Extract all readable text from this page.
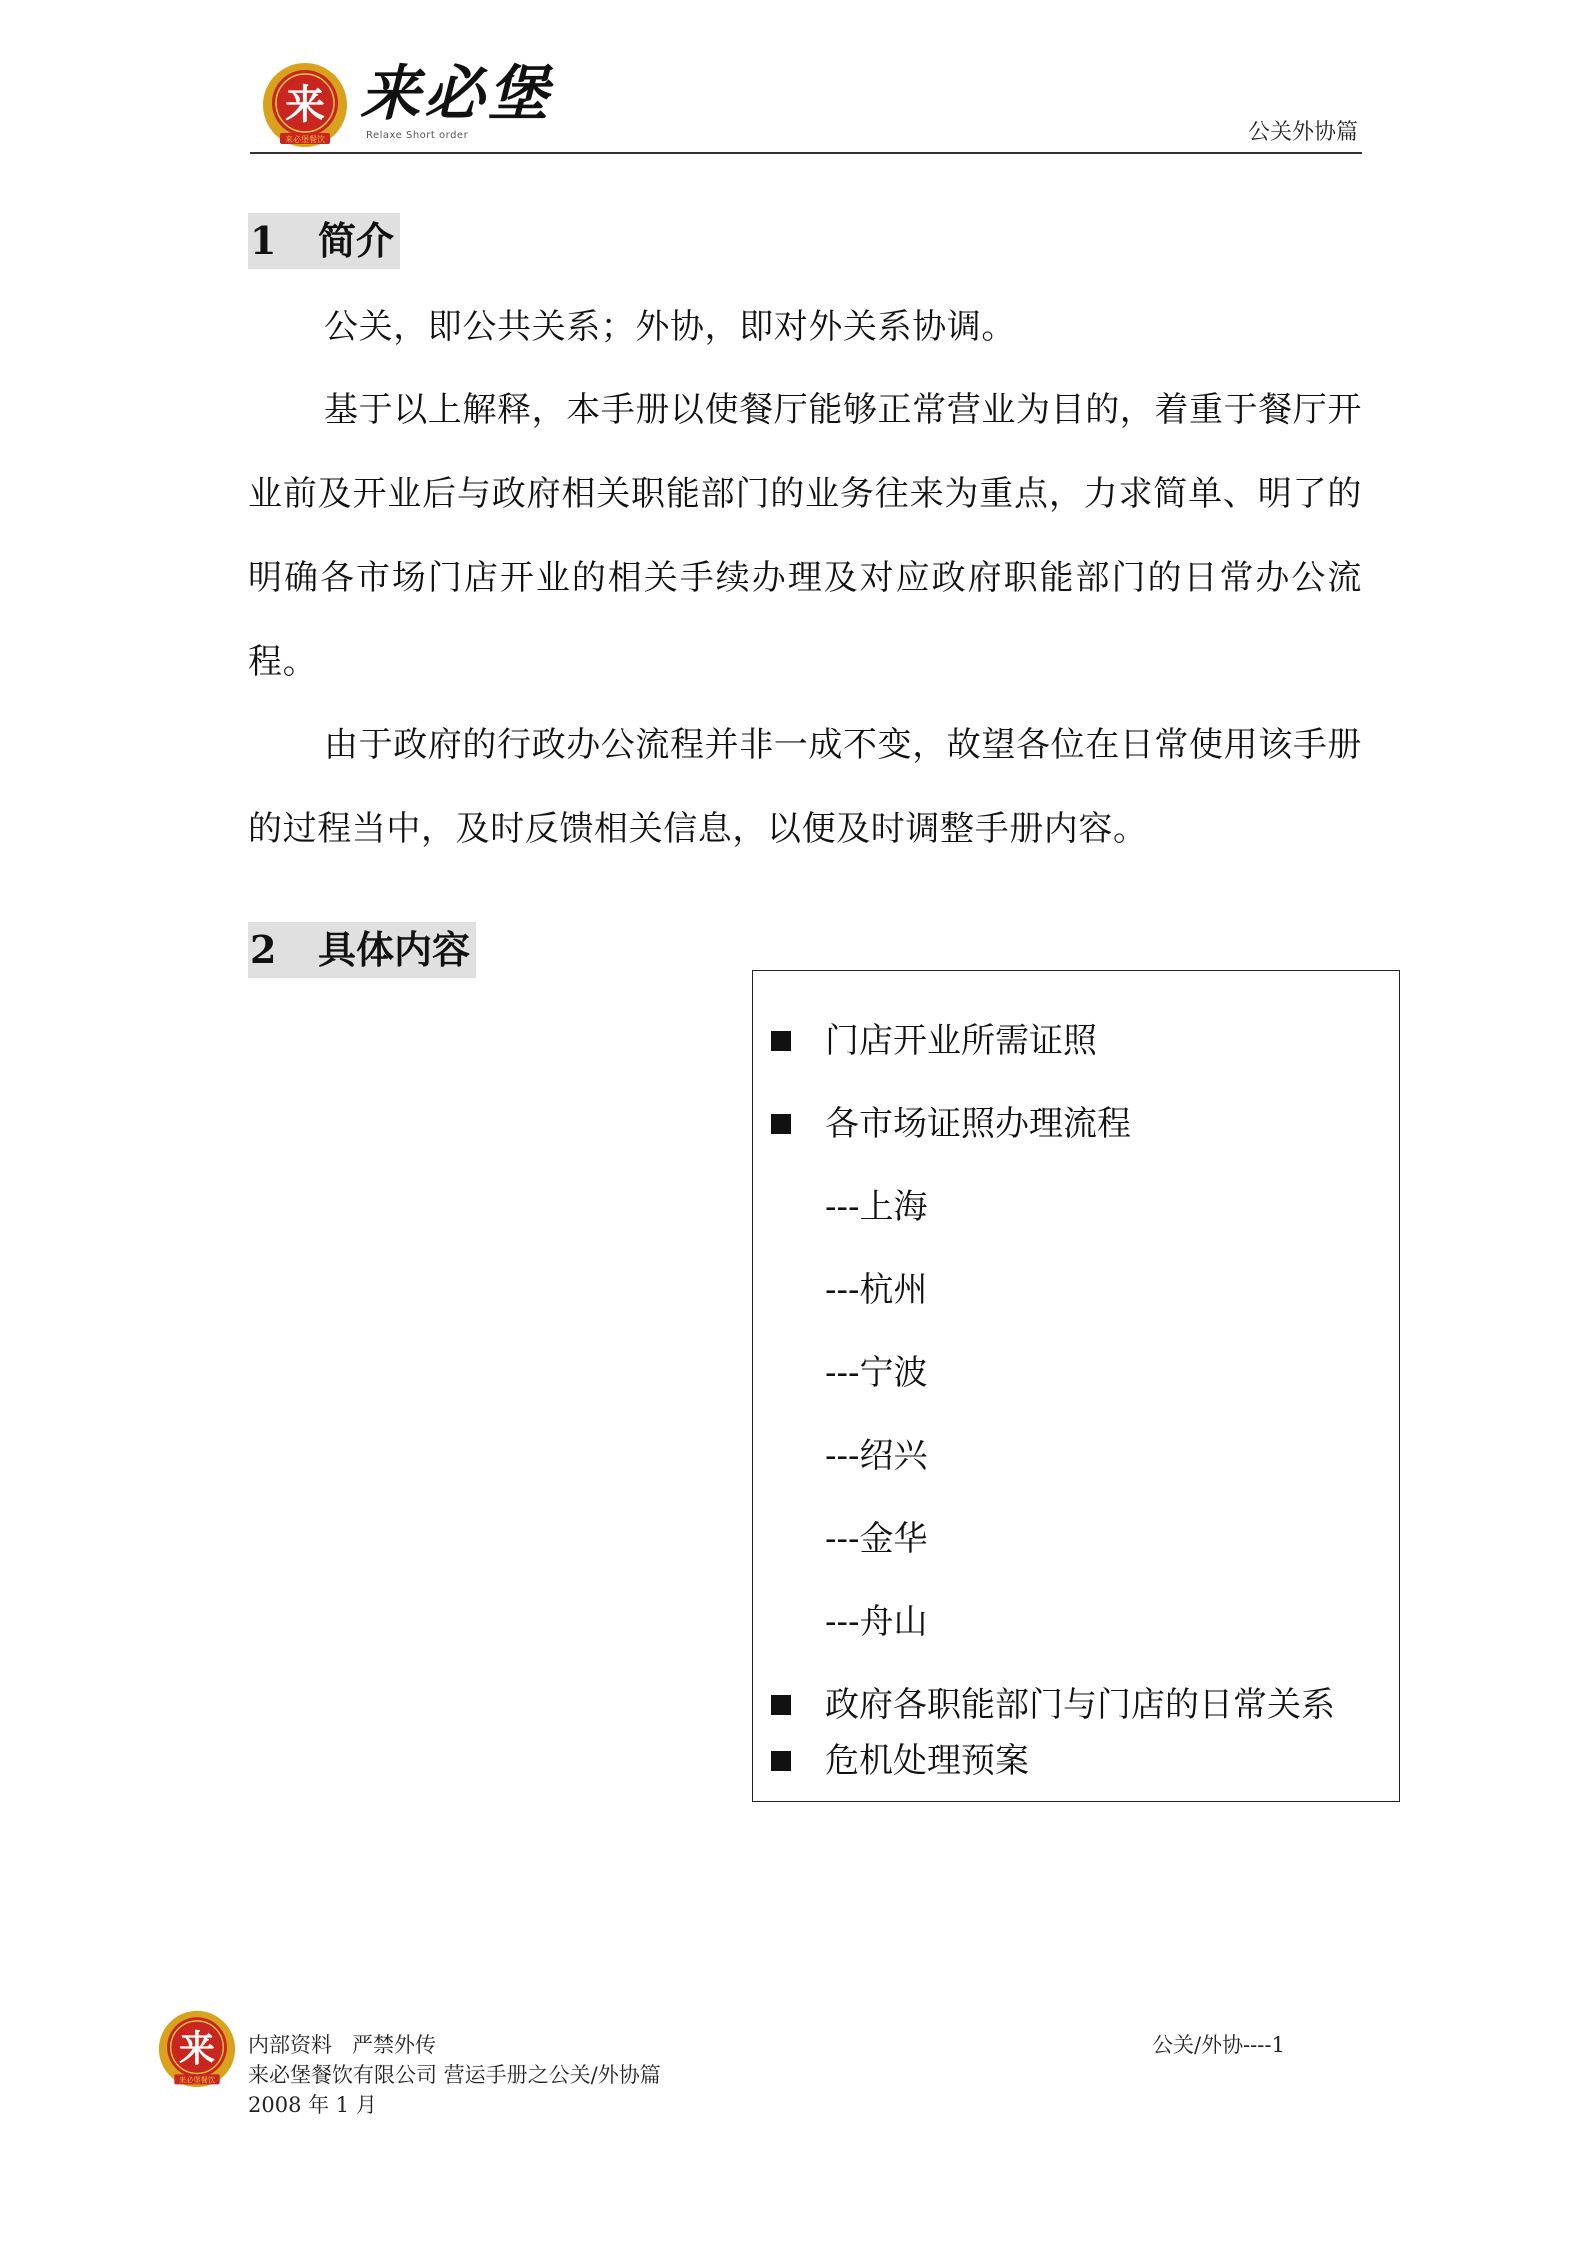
来
来必堡餐饮
来必堡
Relaxe Short order	公关外协篇
1	简介

公关，即公共关系；外协，即对外关系协调。

基于以上解释，本手册以使餐厅能够正常营业为目的，着重于餐厅开业前及开业后与政府相关职能部门的业务往来为重点，力求简单、明了的明确各市场门店开业的相关手续办理及对应政府职能部门的日常办公流程。

由于政府的行政办公流程并非一成不变，故望各位在日常使用该手册的过程当中，及时反馈相关信息，以便及时调整手册内容。

2	具体内容
门店开业所需证照
各市场证照办理流程
---上海
---杭州
---宁波
---绍兴
---金华
---舟山
政府各职能部门与门店的日常关系
危机处理预案
来
来必堡餐饮
内部资料   严禁外传
来必堡餐饮有限公司 营运手册之公关/外协篇
2008 年 1 月
公关/外协----1
